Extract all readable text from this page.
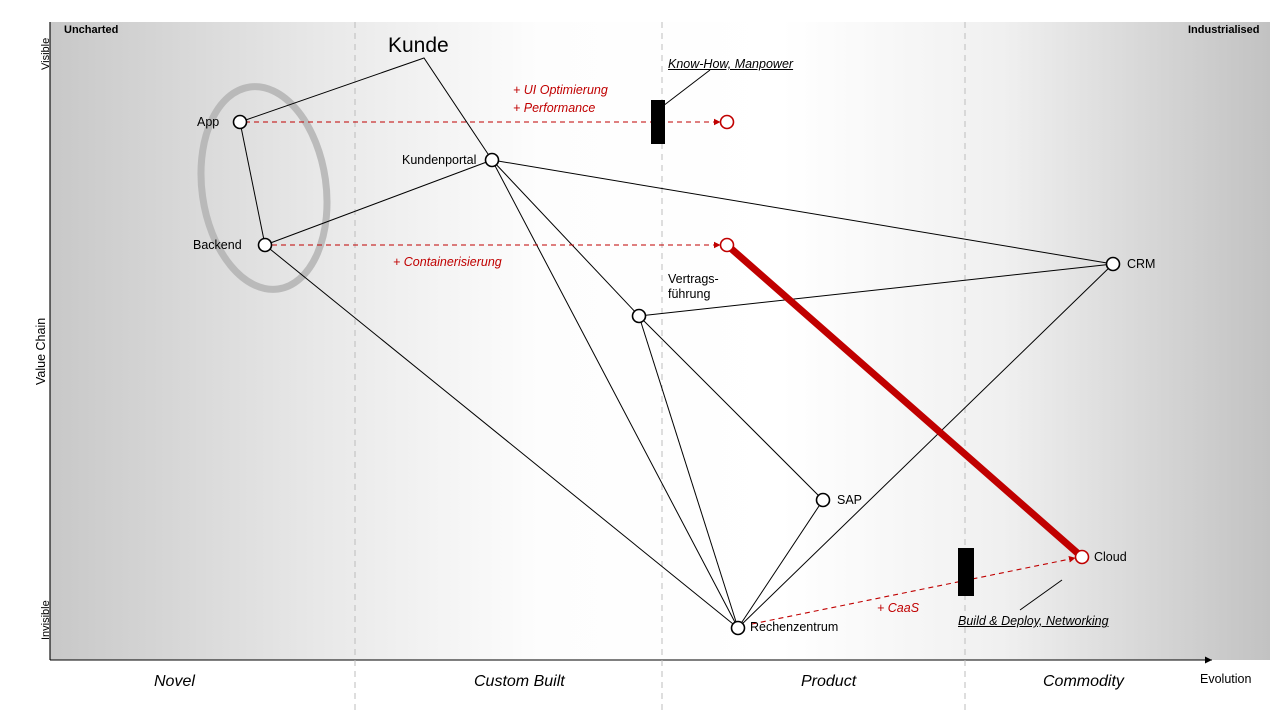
Uncharted	Industrialised
Visible
Invisible
Value Chain
Evolution
Novel	Custom Built	Product	Commodity
Kunde
App
Kundenportal
Backend
Vertrags-
führung
CRM
SAP
Cloud
Rechenzentrum
+ UI Optimierung
+ Performance
+ Containerisierung
+ CaaS
Know-How, Manpower
Build & Deploy, Networking
